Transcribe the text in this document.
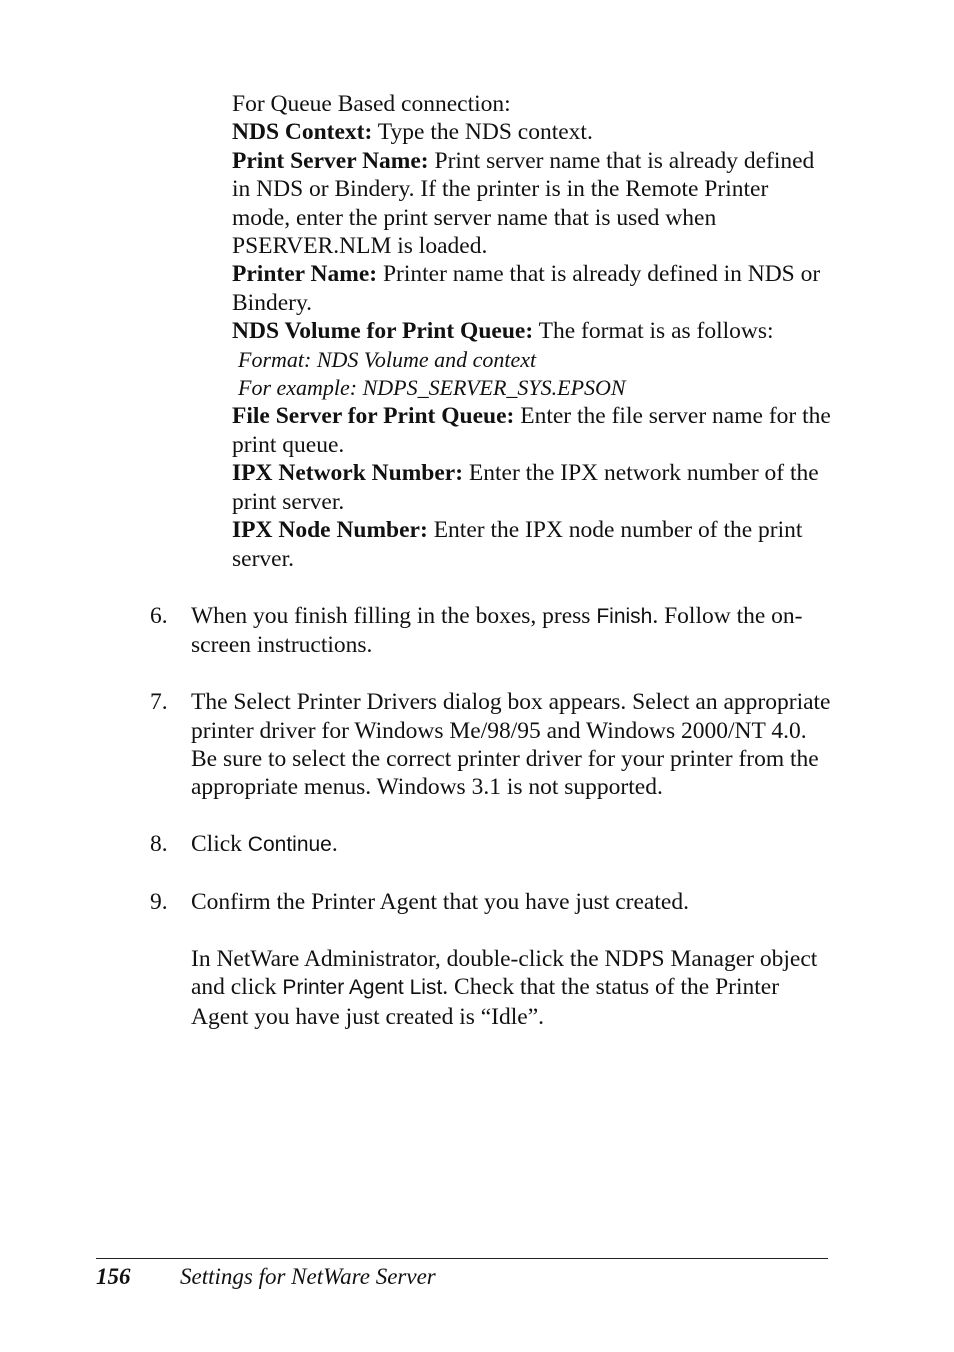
For Queue Based connection:

NDS Context: Type the NDS context.

Print Server Name: Print server name that is already defined in NDS or Bindery. If the printer is in the Remote Printer mode, enter the print server name that is used when PSERVER.NLM is loaded.

Printer Name: Printer name that is already defined in NDS or Bindery.

NDS Volume for Print Queue: The format is as follows:

Format: NDS Volume and context

For example: NDPS_SERVER_SYS.EPSON

File Server for Print Queue: Enter the file server name for the print queue.

IPX Network Number: Enter the IPX network number of the print server.

IPX Node Number: Enter the IPX node number of the print server.

6. When you finish filling in the boxes, press Finish. Follow the on-screen instructions.

7. The Select Printer Drivers dialog box appears. Select an appropriate printer driver for Windows Me/98/95 and Windows 2000/NT 4.0. Be sure to select the correct printer driver for your printer from the appropriate menus. Windows 3.1 is not supported.

8. Click Continue.

9. Confirm the Printer Agent that you have just created.

In NetWare Administrator, double-click the NDPS Manager object and click Printer Agent List. Check that the status of the Printer Agent you have just created is “Idle”.

156 Settings for NetWare Server
